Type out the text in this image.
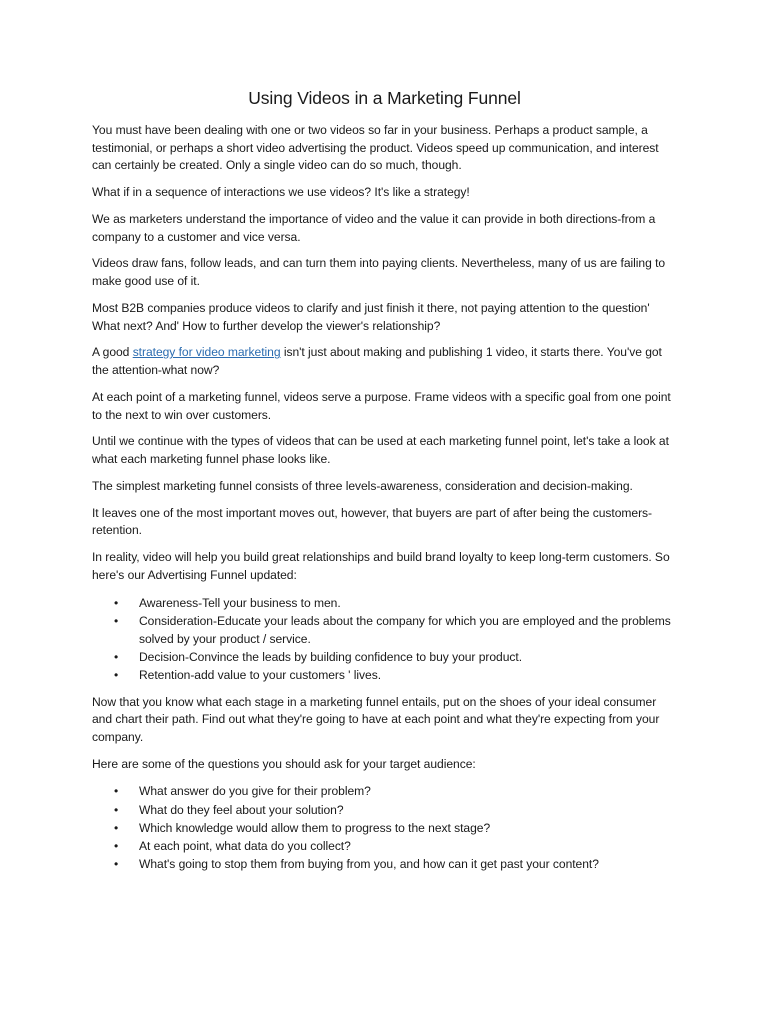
Using Videos in a Marketing Funnel

You must have been dealing with one or two videos so far in your business. Perhaps a product sample, a testimonial, or perhaps a short video advertising the product. Videos speed up communication, and interest can certainly be created. Only a single video can do so much, though.

What if in a sequence of interactions we use videos? It's like a strategy!

We as marketers understand the importance of video and the value it can provide in both directions-from a company to a customer and vice versa.

Videos draw fans, follow leads, and can turn them into paying clients. Nevertheless, many of us are failing to make good use of it.

Most B2B companies produce videos to clarify and just finish it there, not paying attention to the question' What next? And' How to further develop the viewer's relationship?

A good strategy for video marketing isn't just about making and publishing 1 video, it starts there. You've got the attention-what now?

At each point of a marketing funnel, videos serve a purpose. Frame videos with a specific goal from one point to the next to win over customers.

Until we continue with the types of videos that can be used at each marketing funnel point, let's take a look at what each marketing funnel phase looks like.

The simplest marketing funnel consists of three levels-awareness, consideration and decision-making.

It leaves one of the most important moves out, however, that buyers are part of after being the customers-retention.

In reality, video will help you build great relationships and build brand loyalty to keep long-term customers. So here's our Advertising Funnel updated:

• Awareness-Tell your business to men.
• Consideration-Educate your leads about the company for which you are employed and the problems solved by your product / service.
• Decision-Convince the leads by building confidence to buy your product.
• Retention-add value to your customers ' lives.

Now that you know what each stage in a marketing funnel entails, put on the shoes of your ideal consumer and chart their path. Find out what they're going to have at each point and what they're expecting from your company.

Here are some of the questions you should ask for your target audience:

• What answer do you give for their problem?
• What do they feel about your solution?
• Which knowledge would allow them to progress to the next stage?
• At each point, what data do you collect?
• What's going to stop them from buying from you, and how can it get past your content?
